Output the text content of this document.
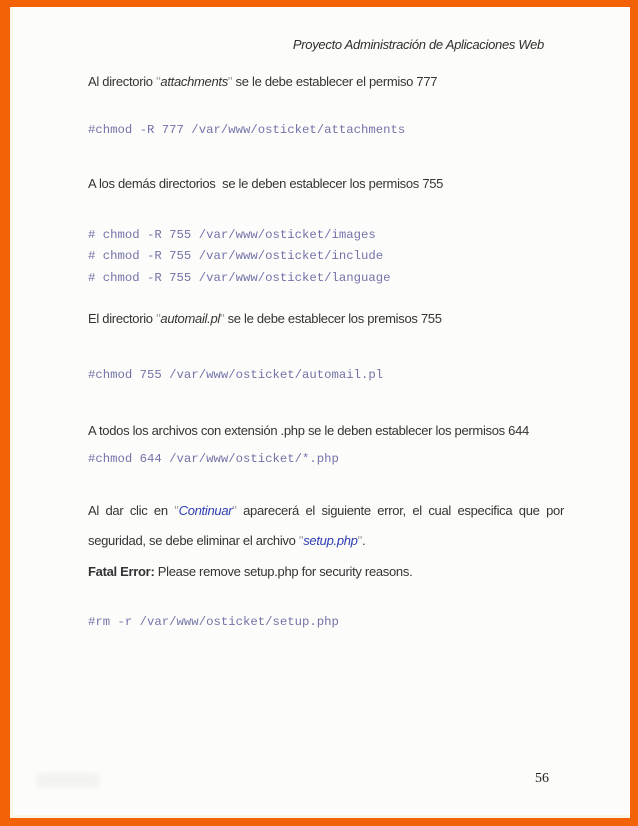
Proyecto Administración de Aplicaciones Web
Al directorio "attachments" se le debe establecer el permiso 777
#chmod -R 777 /var/www/osticket/attachments
A los demás directorios  se le deben establecer los permisos 755
# chmod -R 755 /var/www/osticket/images
# chmod -R 755 /var/www/osticket/include
# chmod -R 755 /var/www/osticket/language
El directorio "automail.pl" se le debe establecer los premisos 755
#chmod 755 /var/www/osticket/automail.pl
A todos los archivos con extensión .php se le deben establecer los permisos 644
#chmod 644 /var/www/osticket/*.php
Al dar clic en "Continuar" aparecerá el siguiente error, el cual especifica que por seguridad, se debe eliminar el archivo "setup.php".
Fatal Error: Please remove setup.php for security reasons.
#rm -r /var/www/osticket/setup.php
56
